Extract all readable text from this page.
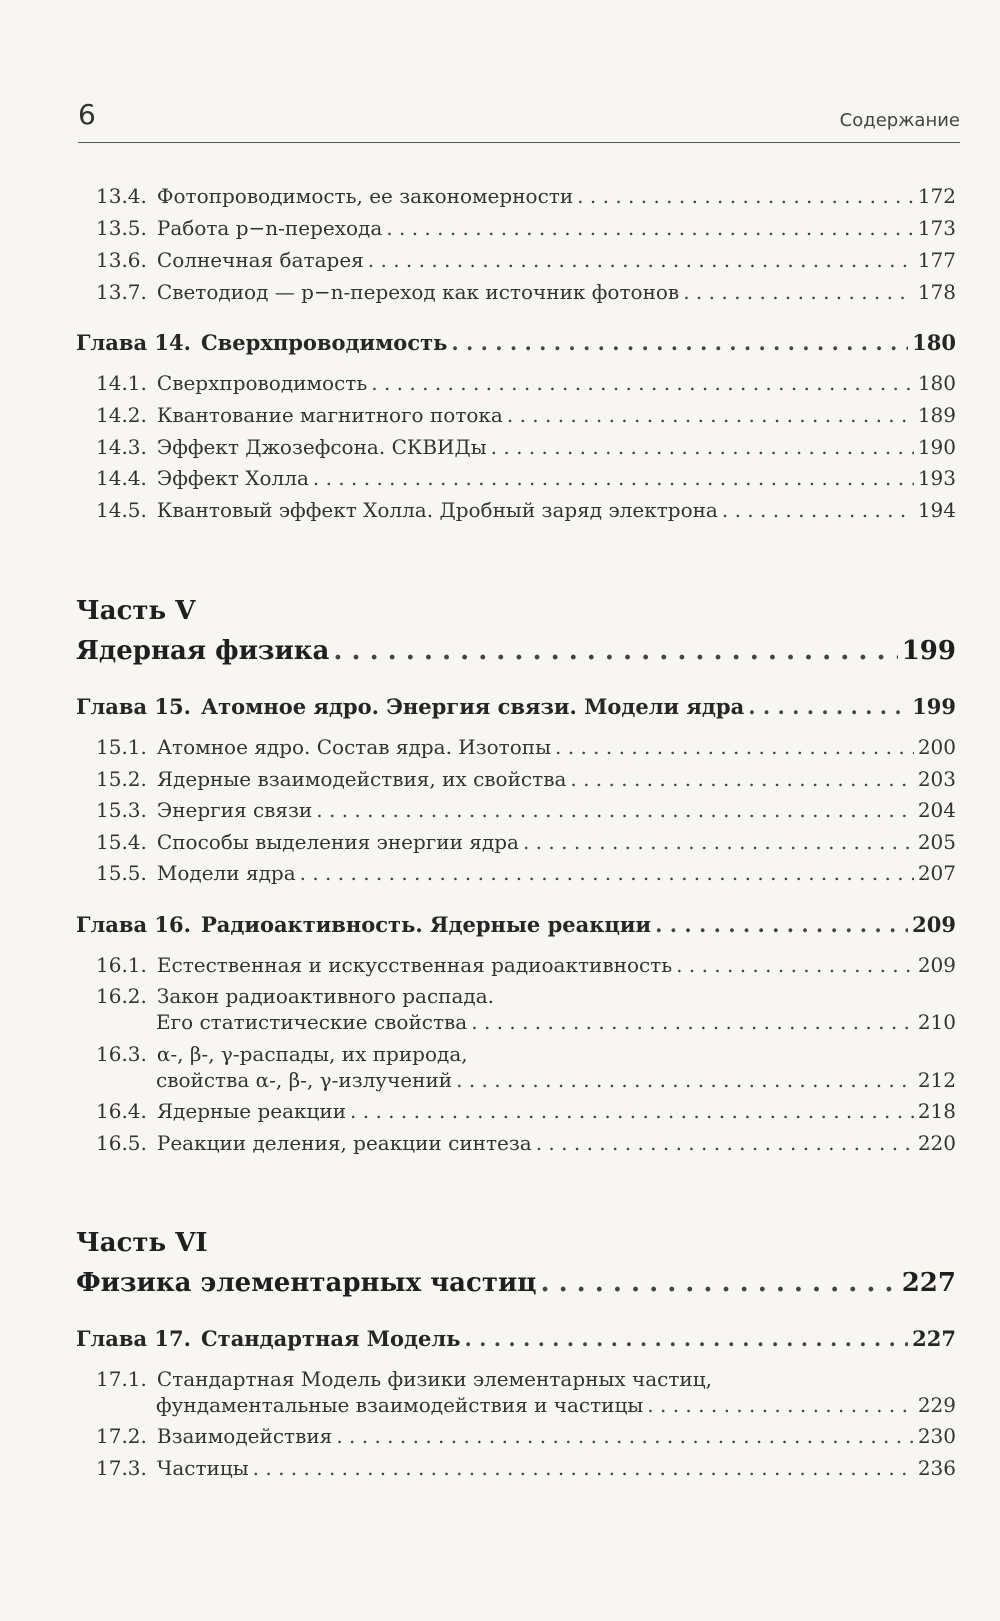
6	Содержание
13.4. Фотопроводимость, ее закономерности . . .	172
13.5. Работа p−n-перехода . . .	173
13.6. Солнечная батарея . . .	177
13.7. Светодиод — p−n-переход как источник фотонов . . .	178
Глава 14. Сверхпроводимость . . .	180
14.1. Сверхпроводимость . . .	180
14.2. Квантование магнитного потока . . .	189
14.3. Эффект Джозефсона. СКВИДы . . .	190
14.4. Эффект Холла . . .	193
14.5. Квантовый эффект Холла. Дробный заряд электрона . . .	194
Часть V
Ядерная физика . . .	199
Глава 15. Атомное ядро. Энергия связи. Модели ядра . . .	199
15.1. Атомное ядро. Состав ядра. Изотопы . . .	200
15.2. Ядерные взаимодействия, их свойства . . .	203
15.3. Энергия связи . . .	204
15.4. Способы выделения энергии ядра . . .	205
15.5. Модели ядра . . .	207
Глава 16. Радиоактивность. Ядерные реакции . . .	209
16.1. Естественная и искусственная радиоактивность . . .	209
16.2. Закон радиоактивного распада.
Его статистические свойства . . .	210
16.3. α-, β-, γ-распады, их природа,
свойства α-, β-, γ-излучений . . .	212
16.4. Ядерные реакции . . .	218
16.5. Реакции деления, реакции синтеза . . .	220
Часть VI
Физика элементарных частиц . . .	227
Глава 17. Стандартная Модель . . .	227
17.1. Стандартная Модель физики элементарных частиц,
фундаментальные взаимодействия и частицы . . .	229
17.2. Взаимодействия . . .	230
17.3. Частицы . . .	236
